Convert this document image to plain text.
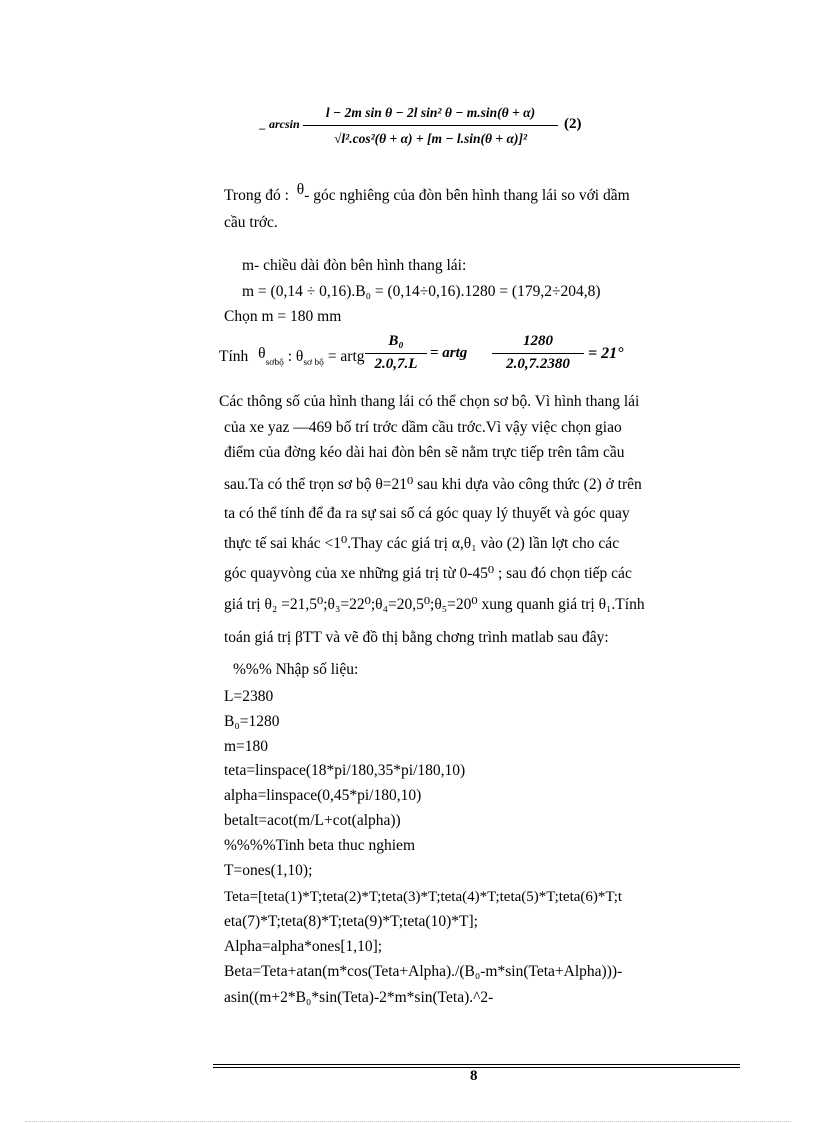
_ arcsin
l − 2m sin θ − 2l sin² θ − m.sin(θ + α)
√l².cos²(θ + α) + [m − l.sin(θ + α)]²
(2)
Trong đó : θ- góc nghiêng của đòn bên hình thang lái so với dầm
cầu trớc.
m- chiều dài đòn bên hình thang lái:
m = (0,14 ÷ 0,16).B₀ = (0,14÷0,16).1280 = (179,2÷204,8)
Chọn m = 180 mm
Tính $\theta_{sơbộ}$ : $\theta_{sơ bộ}$ = artg
B₀
2.0,7.L
= artg
1280
2.0,7.2380
= 21°
Các thông số của hình thang lái có thể chọn sơ bộ. Vì hình thang lái
của xe yaz —469 bố trí trớc dầm cầu trớc.Vì vậy việc chọn giao
điểm của đờng kéo dài hai đòn bên sẽ nằm trực tiếp trên tâm cầu
sau.Ta có thể trọn sơ bộ θ=21⁰ sau khi dựa vào công thức (2) ở trên
ta có thể tính để đa ra sự sai số cá góc quay lý thuyết và góc quay
thực tế sai khác <1⁰.Thay các giá trị α,θ₁ vào (2) lần lợt cho các
góc quayvòng của xe những giá trị từ 0-45⁰ ; sau đó chọn tiếp các
giá trị θ₂ =21,5⁰;θ₃=22⁰;θ₄=20,5⁰;θ₅=20⁰ xung quanh giá trị θ₁.Tính
toán giá trị βTT và vẽ đồ thị bằng chơng trình matlab sau đây:
%%% Nhập số liệu:
L=2380
B₀=1280
m=180
teta=linspace(18*pi/180,35*pi/180,10)
alpha=linspace(0,45*pi/180,10)
betalt=acot(m/L+cot(alpha))
%%%%Tinh beta thuc nghiem
T=ones(1,10);
Teta=[teta(1)*T;teta(2)*T;teta(3)*T;teta(4)*T;teta(5)*T;teta(6)*T;t
eta(7)*T;teta(8)*T;teta(9)*T;teta(10)*T];
Alpha=alpha*ones[1,10];
Beta=Teta+atan(m*cos(Teta+Alpha)./(B₀-m*sin(Teta+Alpha)))-
asin((m+2*B₀*sin(Teta)-2*m*sin(Teta).^2-
8
